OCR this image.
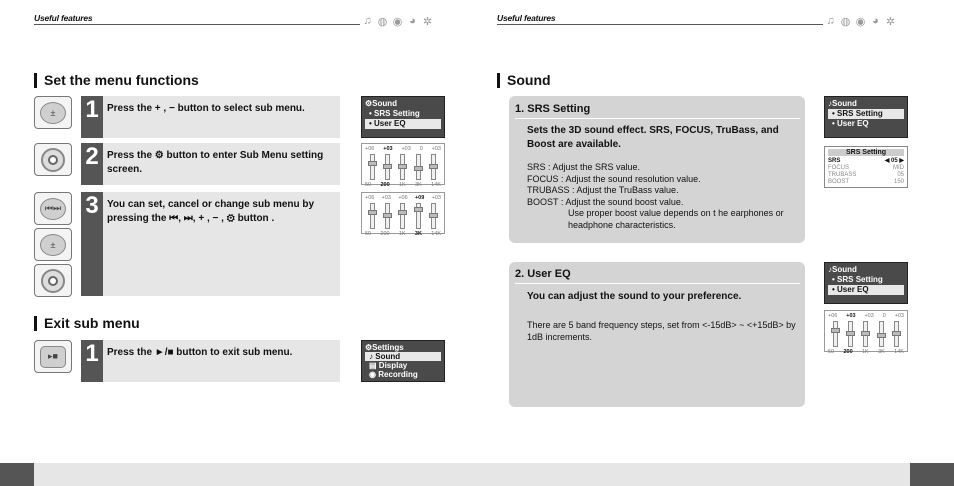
Useful features	♫ ◍ ◉ ◕ ✲
Set the menu functions
±	1 Press the + , − button to select sub menu.	⚙Sound
• SRS Setting
• User EQ
2 Press the ⚙ button to enter Sub Menu setting screen.
+06 +03 +03 0 +03
50 200 1K 3K 14K
⏮⏭
±
3 You can set, cancel or change sub menu by pressing the ⏮, ⏭, + , − , ⚙ button .
+06 +03 +06 +09 +03
50 200 1K 3K 14K
Exit sub menu
▸■	1 Press the ►/■ button to exit sub menu.	⚙Settings
♪ Sound
▤ Display
◉ Recording
Useful features	♫ ◍ ◉ ◕ ✲
Sound
1. SRS Setting
Sets the 3D sound effect. SRS, FOCUS, TruBass, and Boost are available.
SRS : Adjust the SRS value.
FOCUS : Adjust the sound resolution value.
TRUBASS : Adjust the TruBass value.
BOOST : Adjust the sound boost value.
Use proper boost value depends on t he earphones or headphone characteristics.
♪Sound
• SRS Setting
• User EQ
SRS Setting
SRS	◀ 05 ▶
FOCUS	MID
TRUBASS	05
BOOST	150
2. User EQ
You can adjust the sound to your preference.
There are 5 band frequency steps, set from <-15dB> ~ <+15dB> by 1dB increments.
♪Sound
• SRS Setting
• User EQ
+06 +03 +03 0 +03
50 200 1K 3K 14K
